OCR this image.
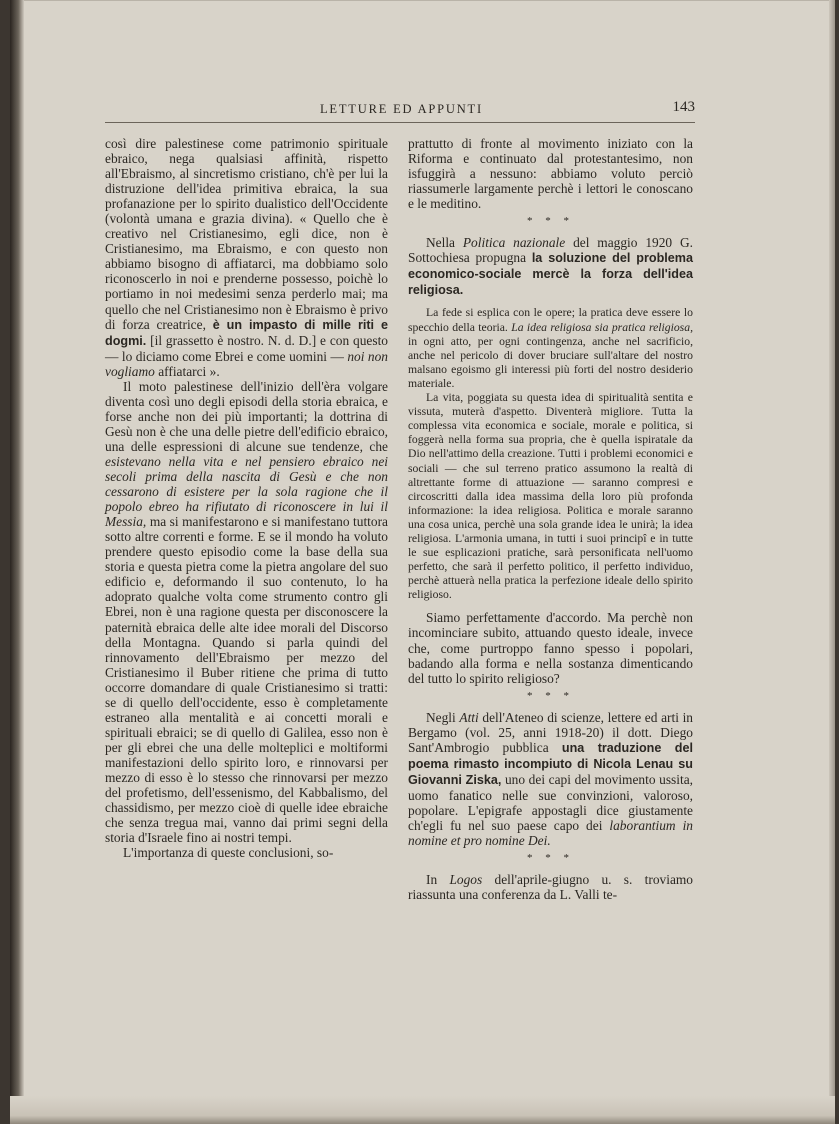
LETTURE ED APPUNTI	143

così dire palestinese come patrimonio spirituale ebraico, nega qualsiasi affinità, rispetto all'Ebraismo, al sincretismo cristiano, ch'è per lui la distruzione dell'idea primitiva ebraica, la sua profanazione per lo spirito dualistico dell'Occidente (volontà umana e grazia divina). « Quello che è creativo nel Cristianesimo, egli dice, non è Cristianesimo, ma Ebraismo, e con questo non abbiamo bisogno di affiatarci, ma dobbiamo solo riconoscerlo in noi e prenderne possesso, poichè lo portiamo in noi medesimi senza perderlo mai; ma quello che nel Cristianesimo non è Ebraismo è privo di forza creatrice, è un impasto di mille riti e dogmi. [il grassetto è nostro. N. d. D.] e con questo — lo diciamo come Ebrei e come uomini — noi non vogliamo affiatarci ».

Il moto palestinese dell'inizio dell'èra volgare diventa così uno degli episodi della storia ebraica, e forse anche non dei più importanti; la dottrina di Gesù non è che una delle pietre dell'edificio ebraico, una delle espressioni di alcune sue tendenze, che esistevano nella vita e nel pensiero ebraico nei secoli prima della nascita di Gesù e che non cessarono di esistere per la sola ragione che il popolo ebreo ha rifiutato di riconoscere in lui il Messia, ma si manifestarono e si manifestano tuttora sotto altre correnti e forme. E se il mondo ha voluto prendere questo episodio come la base della sua storia e questa pietra come la pietra angolare del suo edificio e, deformando il suo contenuto, lo ha adoprato qualche volta come strumento contro gli Ebrei, non è una ragione questa per disconoscere la paternità ebraica delle alte idee morali del Discorso della Montagna. Quando si parla quindi del rinnovamento dell'Ebraismo per mezzo del Cristianesimo il Buber ritiene che prima di tutto occorre domandare di quale Cristianesimo si tratti: se di quello dell'occidente, esso è completamente estraneo alla mentalità e ai concetti morali e spirituali ebraici; se di quello di Galilea, esso non è per gli ebrei che una delle molteplici e moltiformi manifestazioni dello spirito loro, e rinnovarsi per mezzo di esso è lo stesso che rinnovarsi per mezzo del profetismo, dell'essenismo, del Kabbalismo, del chassidismo, per mezzo cioè di quelle idee ebraiche che senza tregua mai, vanno dai primi segni della storia d'Israele fino ai nostri tempi.

L'importanza di queste conclusioni, so-

prattutto di fronte al movimento iniziato con la Riforma e continuato dal protestantesimo, non isfuggirà a nessuno: abbiamo voluto perciò riassumerle largamente perchè i lettori le conoscano e le meditino.

* * *

Nella Politica nazionale del maggio 1920 G. Sottochiesa propugna la soluzione del problema economico-sociale mercè la forza dell'idea religiosa.

La fede si esplica con le opere; la pratica deve essere lo specchio della teoria. La idea religiosa sia pratica religiosa, in ogni atto, per ogni contingenza, anche nel sacrificio, anche nel pericolo di dover bruciare sull'altare del nostro malsano egoismo gli interessi più forti del nostro desiderio materiale.

La vita, poggiata su questa idea di spiritualità sentita e vissuta, muterà d'aspetto. Diventerà migliore. Tutta la complessa vita economica e sociale, morale e politica, si foggerà nella forma sua propria, che è quella ispiratale da Dio nell'attimo della creazione. Tutti i problemi economici e sociali — che sul terreno pratico assumono la realtà di altrettante forme di attuazione — saranno compresi e circoscritti dalla idea massima della loro più profonda informazione: la idea religiosa. Politica e morale saranno una cosa unica, perchè una sola grande idea le unirà; la idea religiosa. L'armonia umana, in tutti i suoi principî e in tutte le sue esplicazioni pratiche, sarà personificata nell'uomo perfetto, che sarà il perfetto politico, il perfetto individuo, perchè attuerà nella pratica la perfezione ideale dello spirito religioso.

Siamo perfettamente d'accordo. Ma perchè non incominciare subito, attuando questo ideale, invece che, come purtroppo fanno spesso i popolari, badando alla forma e nella sostanza dimenticando del tutto lo spirito religioso?

* * *

Negli Atti dell'Ateneo di scienze, lettere ed arti in Bergamo (vol. 25, anni 1918-20) il dott. Diego Sant'Ambrogio pubblica una traduzione del poema rimasto incompiuto di Nicola Lenau su Giovanni Ziska, uno dei capi del movimento ussita, uomo fanatico nelle sue convinzioni, valoroso, popolare. L'epigrafe appostagli dice giustamente ch'egli fu nel suo paese capo dei laborantium in nomine et pro nomine Dei.

* * *

In Logos dell'aprile-giugno u. s. troviamo riassunta una conferenza da L. Valli te-
